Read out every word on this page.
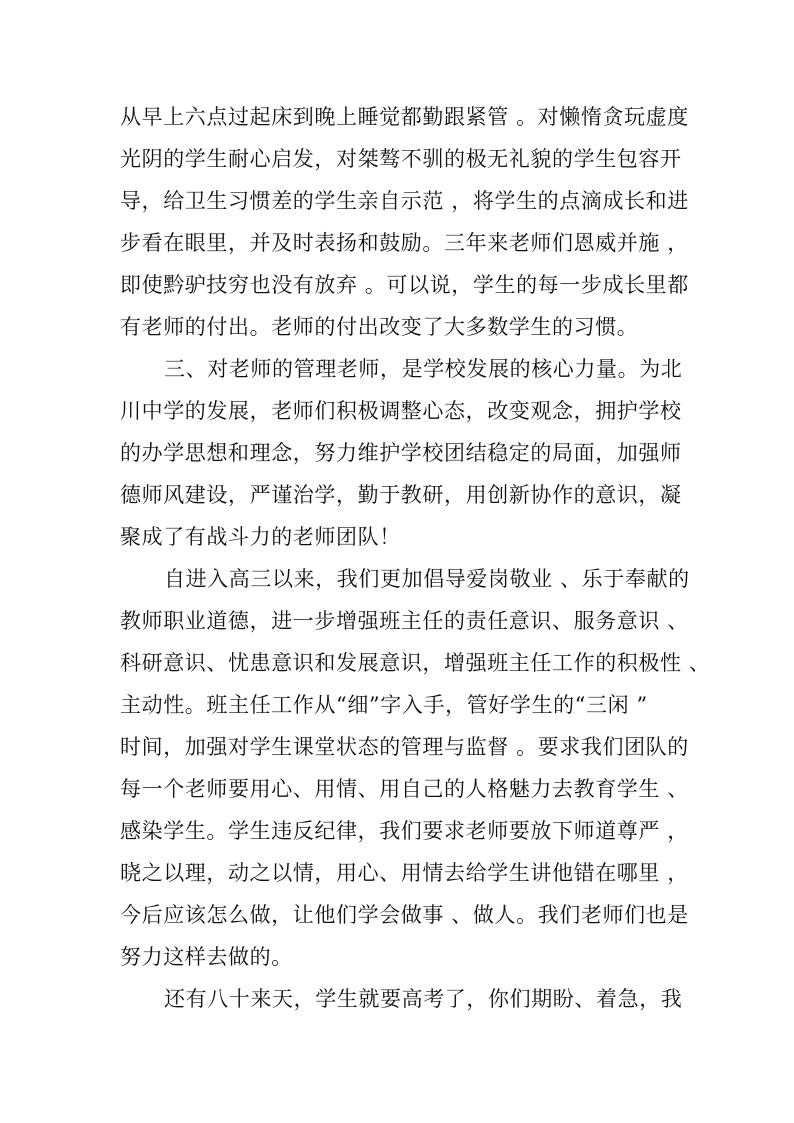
从早上六点过起床到晚上睡觉都勤跟紧管 。对懒惰贪玩虚度
光阴的学生耐心启发，对桀骜不驯的极无礼貌的学生包容开
导，给卫生习惯差的学生亲自示范 ，将学生的点滴成长和进
步看在眼里，并及时表扬和鼓励。三年来老师们恩威并施 ，
即使黔驴技穷也没有放弃 。可以说，学生的每一步成长里都
有老师的付出。老师的付出改变了大多数学生的习惯。
三、对老师的管理老师，是学校发展的核心力量。为北
川中学的发展，老师们积极调整心态，改变观念，拥护学校
的办学思想和理念，努力维护学校团结稳定的局面，加强师
德师风建设，严谨治学，勤于教研，用创新协作的意识，凝
聚成了有战斗力的老师团队！
自进入高三以来，我们更加倡导爱岗敬业 、乐于奉献的
教师职业道德，进一步增强班主任的责任意识、服务意识 、
科研意识、忧患意识和发展意识，增强班主任工作的积极性 、
主动性。班主任工作从“细”字入手，管好学生的“三闲 ”
时间，加强对学生课堂状态的管理与监督 。要求我们团队的
每一个老师要用心、用情、用自己的人格魅力去教育学生 、
感染学生。学生违反纪律，我们要求老师要放下师道尊严 ，
晓之以理，动之以情，用心、用情去给学生讲他错在哪里 ，
今后应该怎么做，让他们学会做事 、做人。我们老师们也是
努力这样去做的。
还有八十来天，学生就要高考了，你们期盼、着急，我
